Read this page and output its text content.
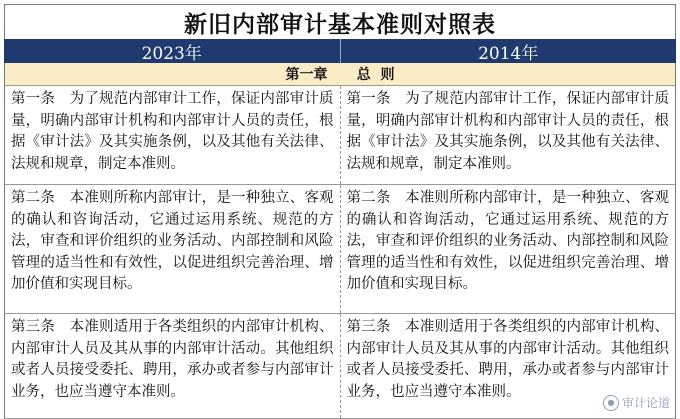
新旧内部审计基本准则对照表
2023年	2014年
第一章      总  则
第一条　为了规范内部审计工作，保证内部审计质量，明确内部审计机构和内部审计人员的责任，根据《审计法》及其实施条例，以及其他有关法律、法规和规章，制定本准则。
第一条　为了规范内部审计工作，保证内部审计质量，明确内部审计机构和内部审计人员的责任，根据《审计法》及其实施条例，以及其他有关法律、法规和规章，制定本准则。
第二条　本准则所称内部审计，是一种独立、客观的确认和咨询活动，它通过运用系统、规范的方法，审查和评价组织的业务活动、内部控制和风险管理的适当性和有效性，以促进组织完善治理、增加价值和实现目标。
第二条　本准则所称内部审计，是一种独立、客观的确认和咨询活动，它通过运用系统、规范的方法，审查和评价组织的业务活动、内部控制和风险管理的适当性和有效性，以促进组织完善治理、增加价值和实现目标。
第三条　本准则适用于各类组织的内部审计机构、内部审计人员及其从事的内部审计活动。其他组织或者人员接受委托、聘用，承办或者参与内部审计业务，也应当遵守本准则。
第三条　本准则适用于各类组织的内部审计机构、内部审计人员及其从事的内部审计活动。其他组织或者人员接受委托、聘用，承办或者参与内部审计业务，也应当遵守本准则。
● 审计论道
